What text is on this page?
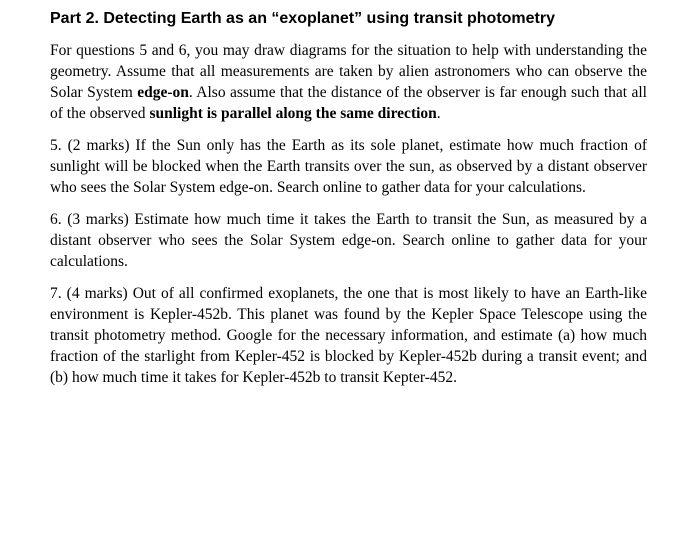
Part 2. Detecting Earth as an “exoplanet” using transit photometry

For questions 5 and 6, you may draw diagrams for the situation to help with understanding the geometry. Assume that all measurements are taken by alien astronomers who can observe the Solar System edge-on. Also assume that the distance of the observer is far enough such that all of the observed sunlight is parallel along the same direction.

5. (2 marks) If the Sun only has the Earth as its sole planet, estimate how much fraction of sunlight will be blocked when the Earth transits over the sun, as observed by a distant observer who sees the Solar System edge-on. Search online to gather data for your calculations.

6. (3 marks) Estimate how much time it takes the Earth to transit the Sun, as measured by a distant observer who sees the Solar System edge-on. Search online to gather data for your calculations.

7. (4 marks) Out of all confirmed exoplanets, the one that is most likely to have an Earth-like environment is Kepler-452b. This planet was found by the Kepler Space Telescope using the transit photometry method. Google for the necessary information, and estimate (a) how much fraction of the starlight from Kepler-452 is blocked by Kepler-452b during a transit event; and (b) how much time it takes for Kepler-452b to transit Kepter-452.
